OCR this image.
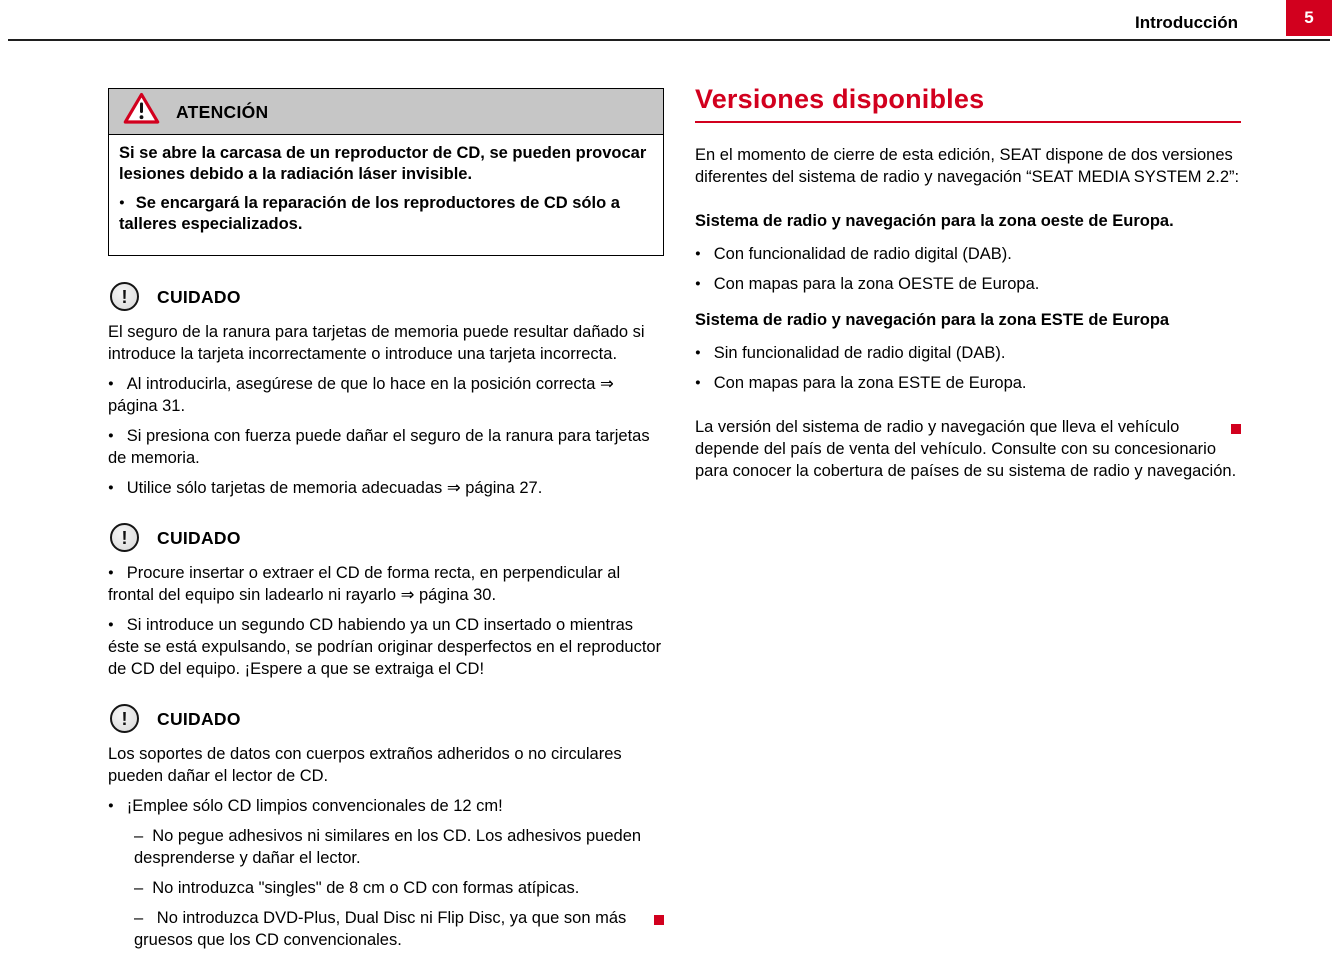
Introducción	5
ATENCIÓN
Si se abre la carcasa de un reproductor de CD, se pueden provocar lesiones debido a la radiación láser invisible.
● Se encargará la reparación de los reproductores de CD sólo a talleres especializados.
!
CUIDADO
El seguro de la ranura para tarjetas de memoria puede resultar dañado si introduce la tarjeta incorrectamente o introduce una tarjeta incorrecta.
● Al introducirla, asegúrese de que lo hace en la posición correcta ⇒ página 31.
● Si presiona con fuerza puede dañar el seguro de la ranura para tarjetas de memoria.
● Utilice sólo tarjetas de memoria adecuadas ⇒ página 27.
!
CUIDADO
● Procure insertar o extraer el CD de forma recta, en perpendicular al frontal del equipo sin ladearlo ni rayarlo ⇒ página 30.
● Si introduce un segundo CD habiendo ya un CD insertado o mientras éste se está expulsando, se podrían originar desperfectos en el reproductor de CD del equipo. ¡Espere a que se extraiga el CD!
!
CUIDADO
Los soportes de datos con cuerpos extraños adheridos o no circulares pueden dañar el lector de CD.
● ¡Emplee sólo CD limpios convencionales de 12 cm!
– No pegue adhesivos ni similares en los CD. Los adhesivos pueden desprenderse y dañar el lector.
– No introduzca "singles" de 8 cm o CD con formas atípicas.

– No introduzca DVD-Plus, Dual Disc ni Flip Disc, ya que son más gruesos que los CD convencionales.
Versiones disponibles

En el momento de cierre de esta edición, SEAT dispone de dos versiones diferentes del sistema de radio y navegación “SEAT MEDIA SYSTEM 2.2”:

Sistema de radio y navegación para la zona oeste de Europa.
● Con funcionalidad de radio digital (DAB).
● Con mapas para la zona OESTE de Europa.
Sistema de radio y navegación para la zona ESTE de Europa
● Sin funcionalidad de radio digital (DAB).
● Con mapas para la zona ESTE de Europa.

La versión del sistema de radio y navegación que lleva el vehículo depende del país de venta del vehículo. Consulte con su concesionario para conocer la cobertura de países de su sistema de radio y navegación.
